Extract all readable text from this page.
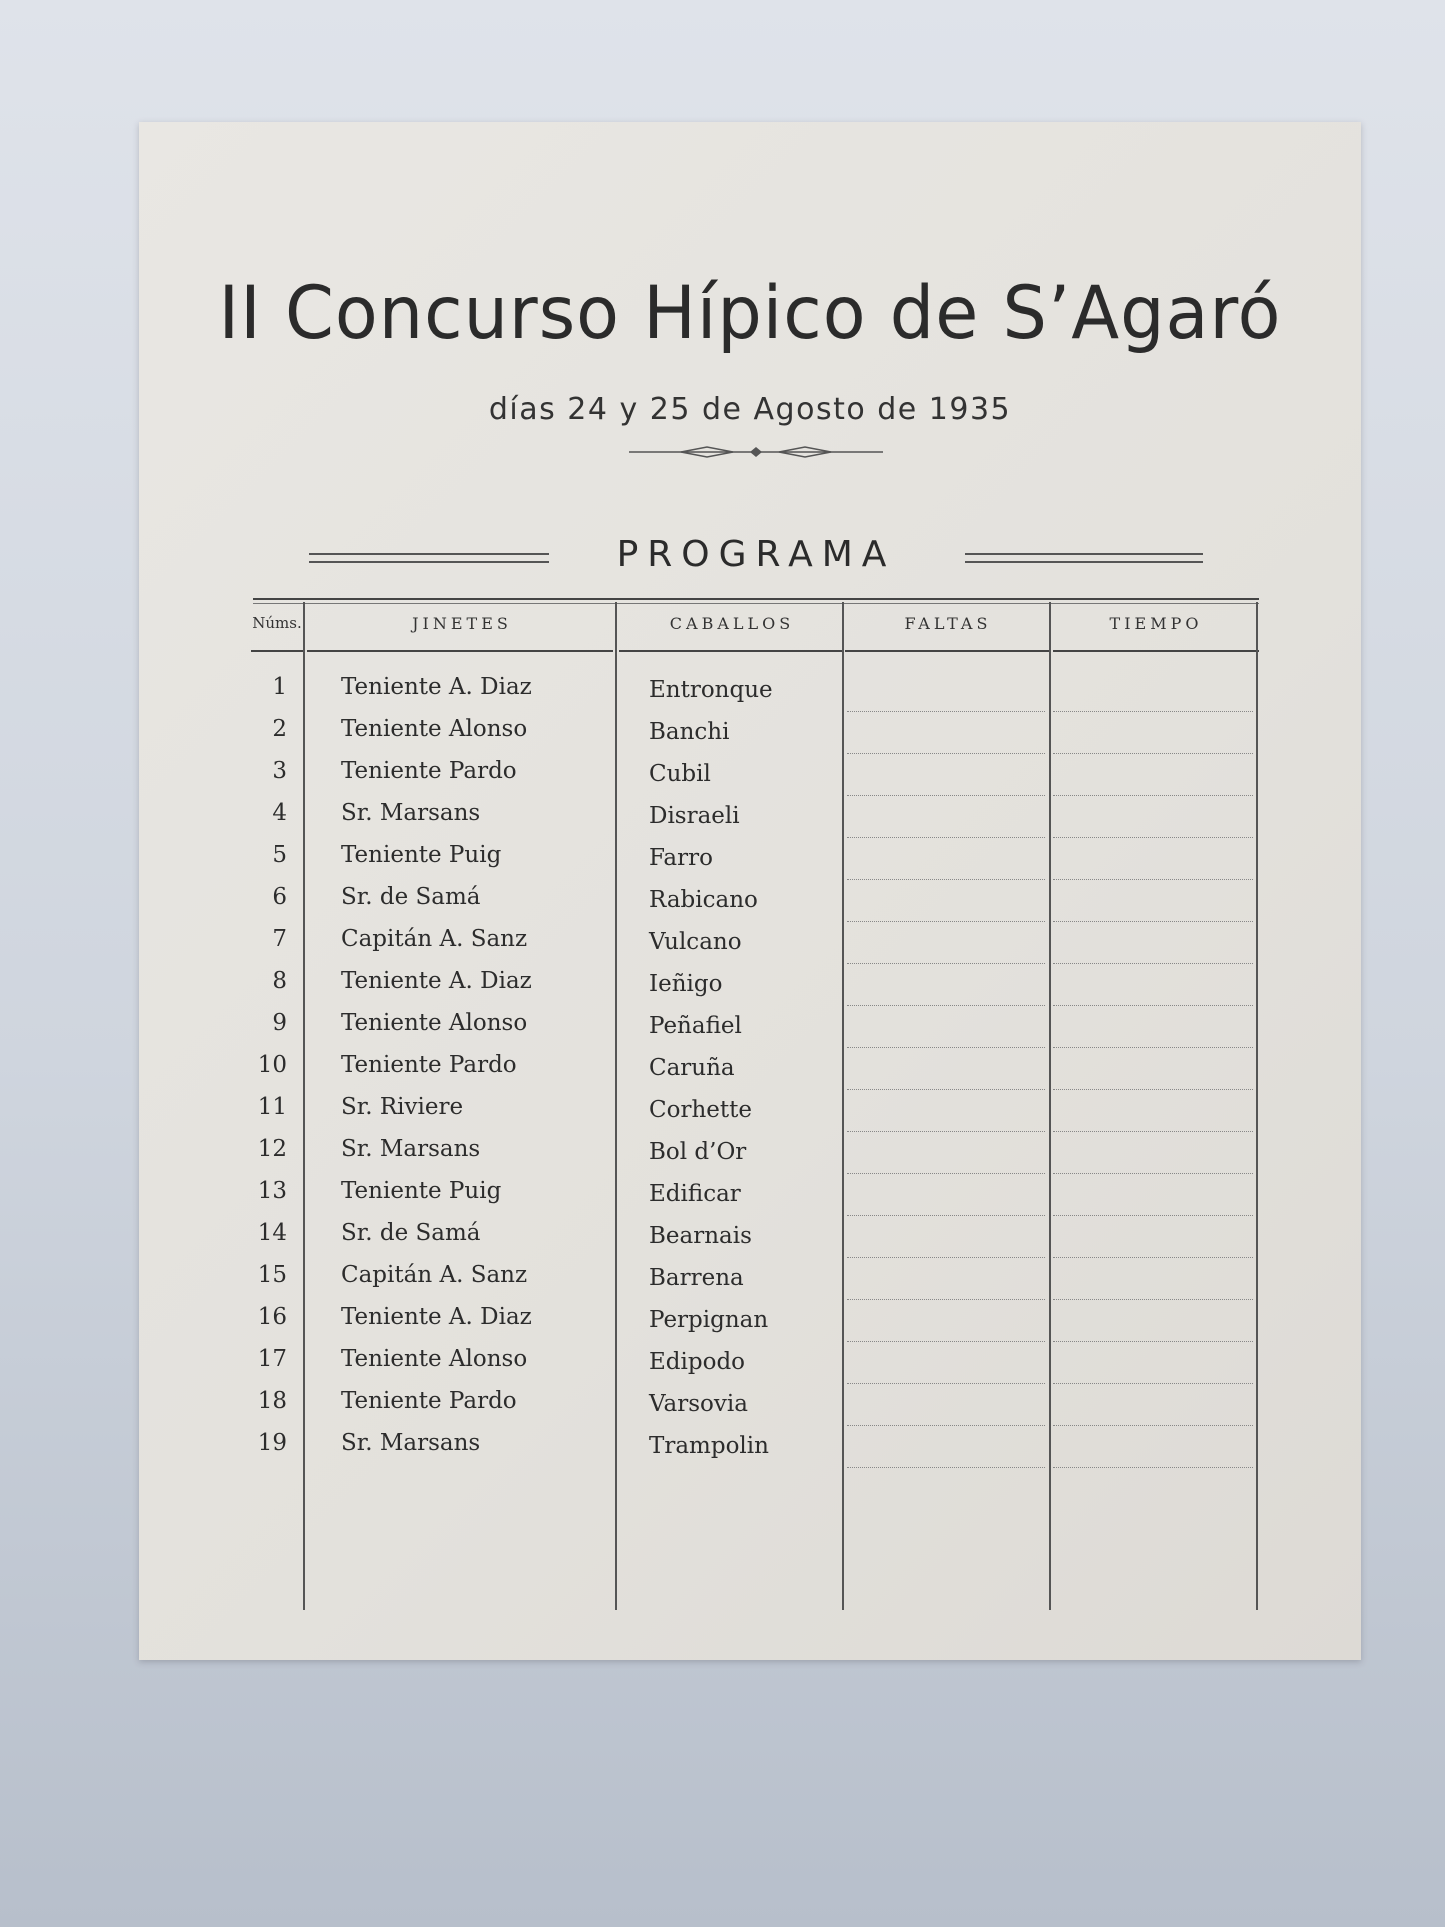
II Concurso Hípico de S’Agaró
días 24 y 25 de Agosto de 1935
PROGRAMA
Núms.	JINETES	CABALLOS	FALTAS	TIEMPO
1 Teniente A. Diaz	Entronque
2 Teniente Alonso	Banchi
3 Teniente Pardo	Cubil
4 Sr. Marsans	Disraeli
5 Teniente Puig	Farro
6 Sr. de Samá	Rabicano
7 Capitán A. Sanz	Vulcano
8 Teniente A. Diaz	Ieñigo
9 Teniente Alonso	Peñafiel
10 Teniente Pardo	Caruña
11 Sr. Riviere	Corhette
12 Sr. Marsans	Bol d’Or
13 Teniente Puig	Edificar
14 Sr. de Samá	Bearnais
15 Capitán A. Sanz	Barrena
16 Teniente A. Diaz	Perpignan
17 Teniente Alonso	Edipodo
18 Teniente Pardo	Varsovia
19 Sr. Marsans	Trampolin
